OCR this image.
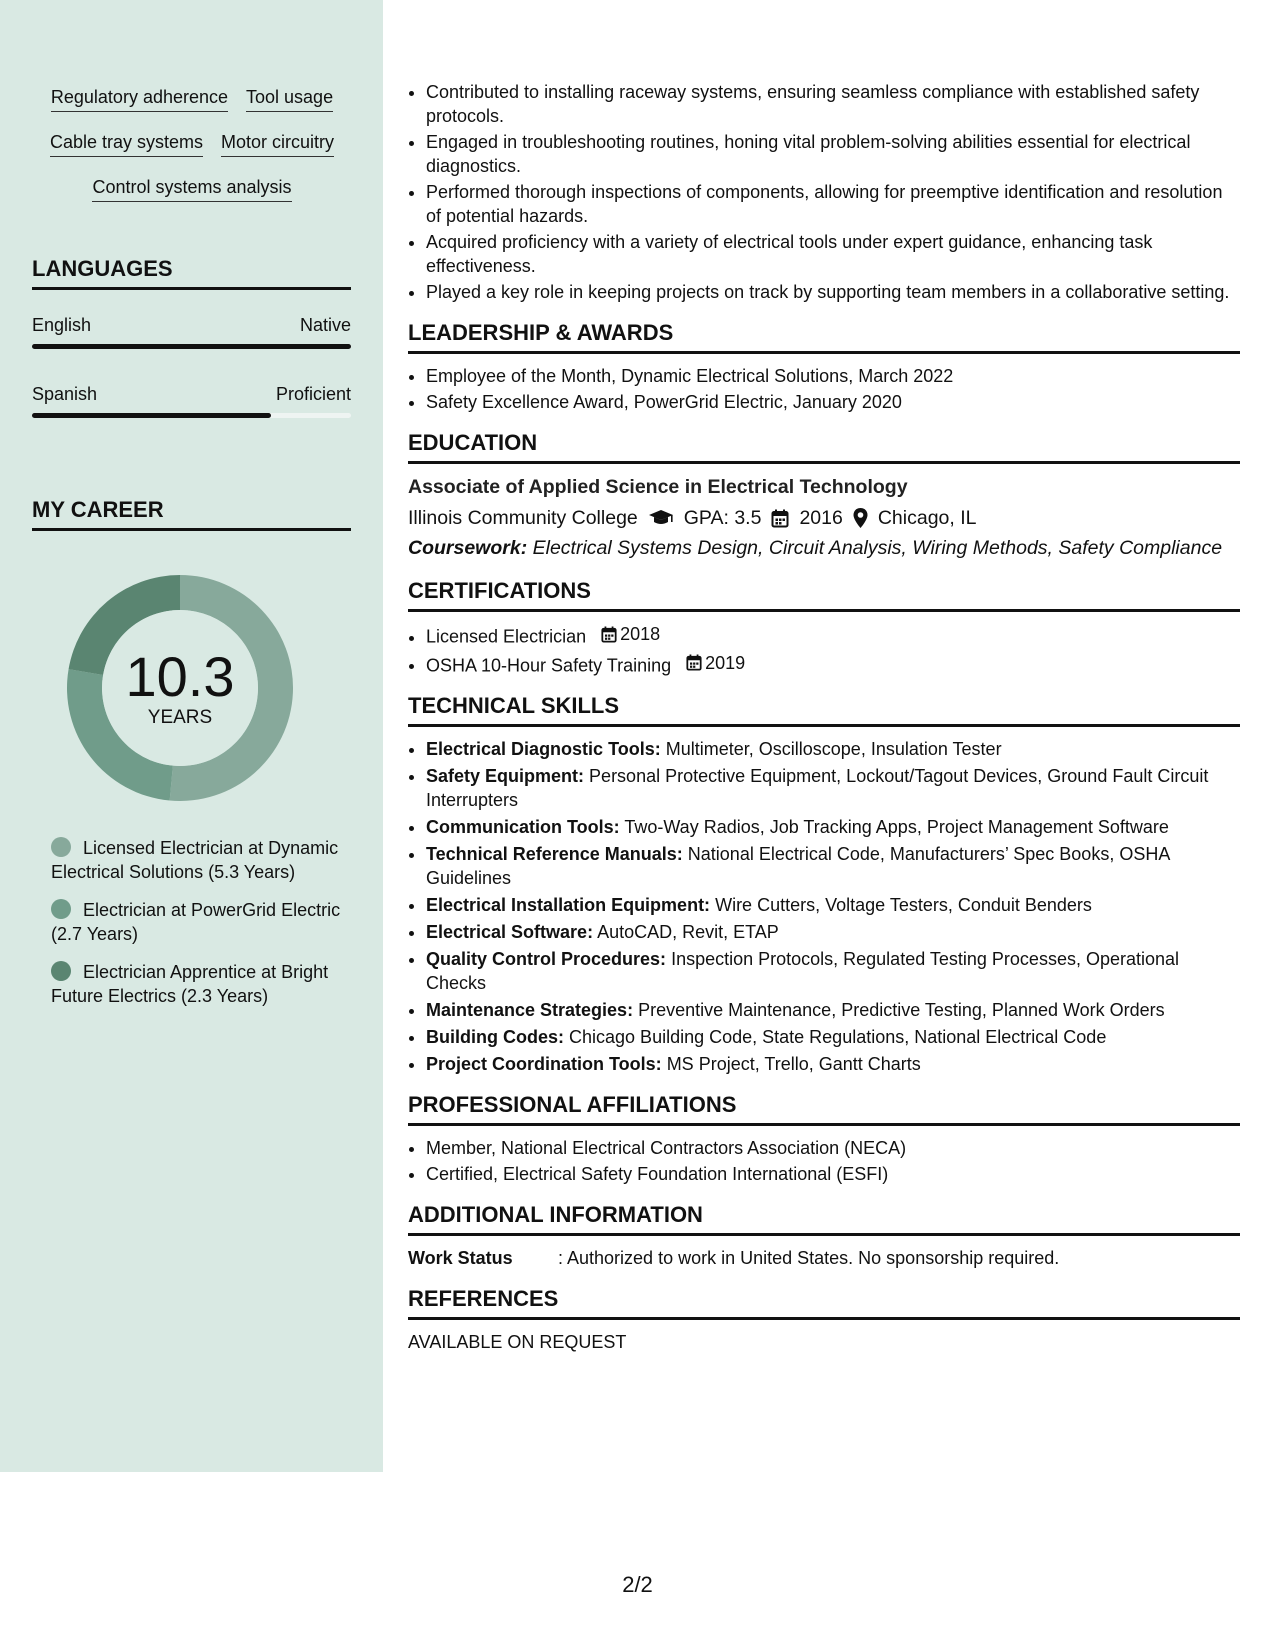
Regulatory adherence Tool usage
Cable tray systems Motor circuitry
Control systems analysis
LANGUAGES
English	Native
Spanish	Proficient
MY CAREER
10.3
YEARS
Licensed Electrician at Dynamic Electrical Solutions (5.3 Years)
Electrician at PowerGrid Electric (2.7 Years)
Electrician Apprentice at Bright Future Electrics (2.3 Years)
• Contributed to installing raceway systems, ensuring seamless compliance with established safety protocols.
• Engaged in troubleshooting routines, honing vital problem-solving abilities essential for electrical diagnostics.
• Performed thorough inspections of components, allowing for preemptive identification and resolution of potential hazards.
• Acquired proficiency with a variety of electrical tools under expert guidance, enhancing task effectiveness.
• Played a key role in keeping projects on track by supporting team members in a collaborative setting.
LEADERSHIP & AWARDS
• Employee of the Month, Dynamic Electrical Solutions, March 2022
• Safety Excellence Award, PowerGrid Electric, January 2020
EDUCATION
Associate of Applied Science in Electrical Technology
Illinois Community College GPA: 3.5 2016 Chicago, IL
Coursework: Electrical Systems Design, Circuit Analysis, Wiring Methods, Safety Compliance
CERTIFICATIONS
• Licensed Electrician 2018
• OSHA 10-Hour Safety Training 2019
TECHNICAL SKILLS
• Electrical Diagnostic Tools: Multimeter, Oscilloscope, Insulation Tester
• Safety Equipment: Personal Protective Equipment, Lockout/Tagout Devices, Ground Fault Circuit Interrupters
• Communication Tools: Two-Way Radios, Job Tracking Apps, Project Management Software
• Technical Reference Manuals: National Electrical Code, Manufacturers’ Spec Books, OSHA Guidelines
• Electrical Installation Equipment: Wire Cutters, Voltage Testers, Conduit Benders
• Electrical Software: AutoCAD, Revit, ETAP
• Quality Control Procedures: Inspection Protocols, Regulated Testing Processes, Operational Checks
• Maintenance Strategies: Preventive Maintenance, Predictive Testing, Planned Work Orders
• Building Codes: Chicago Building Code, State Regulations, National Electrical Code
• Project Coordination Tools: MS Project, Trello, Gantt Charts
PROFESSIONAL AFFILIATIONS
• Member, National Electrical Contractors Association (NECA)
• Certified, Electrical Safety Foundation International (ESFI)
ADDITIONAL INFORMATION
Work Status	: Authorized to work in United States. No sponsorship required.
REFERENCES
AVAILABLE ON REQUEST
2/2
